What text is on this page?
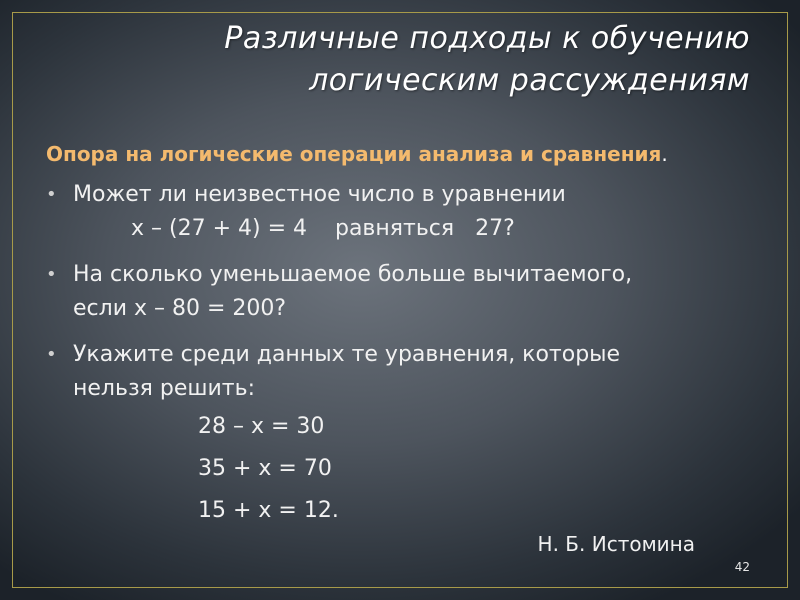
Различные подходы к обучению
логическим рассуждениям
Опора на логические операции анализа и сравнения.
• Может ли неизвестное число в уравнении
x – (27 + 4) = 4    равняться   27?
• На сколько уменьшаемое больше вычитаемого,
если x – 80 = 200?
• Укажите среди данных те уравнения, которые
нельзя решить:
28 – x = 30
35 + x = 70
15 + x = 12.
Н. Б. Истомина
42
